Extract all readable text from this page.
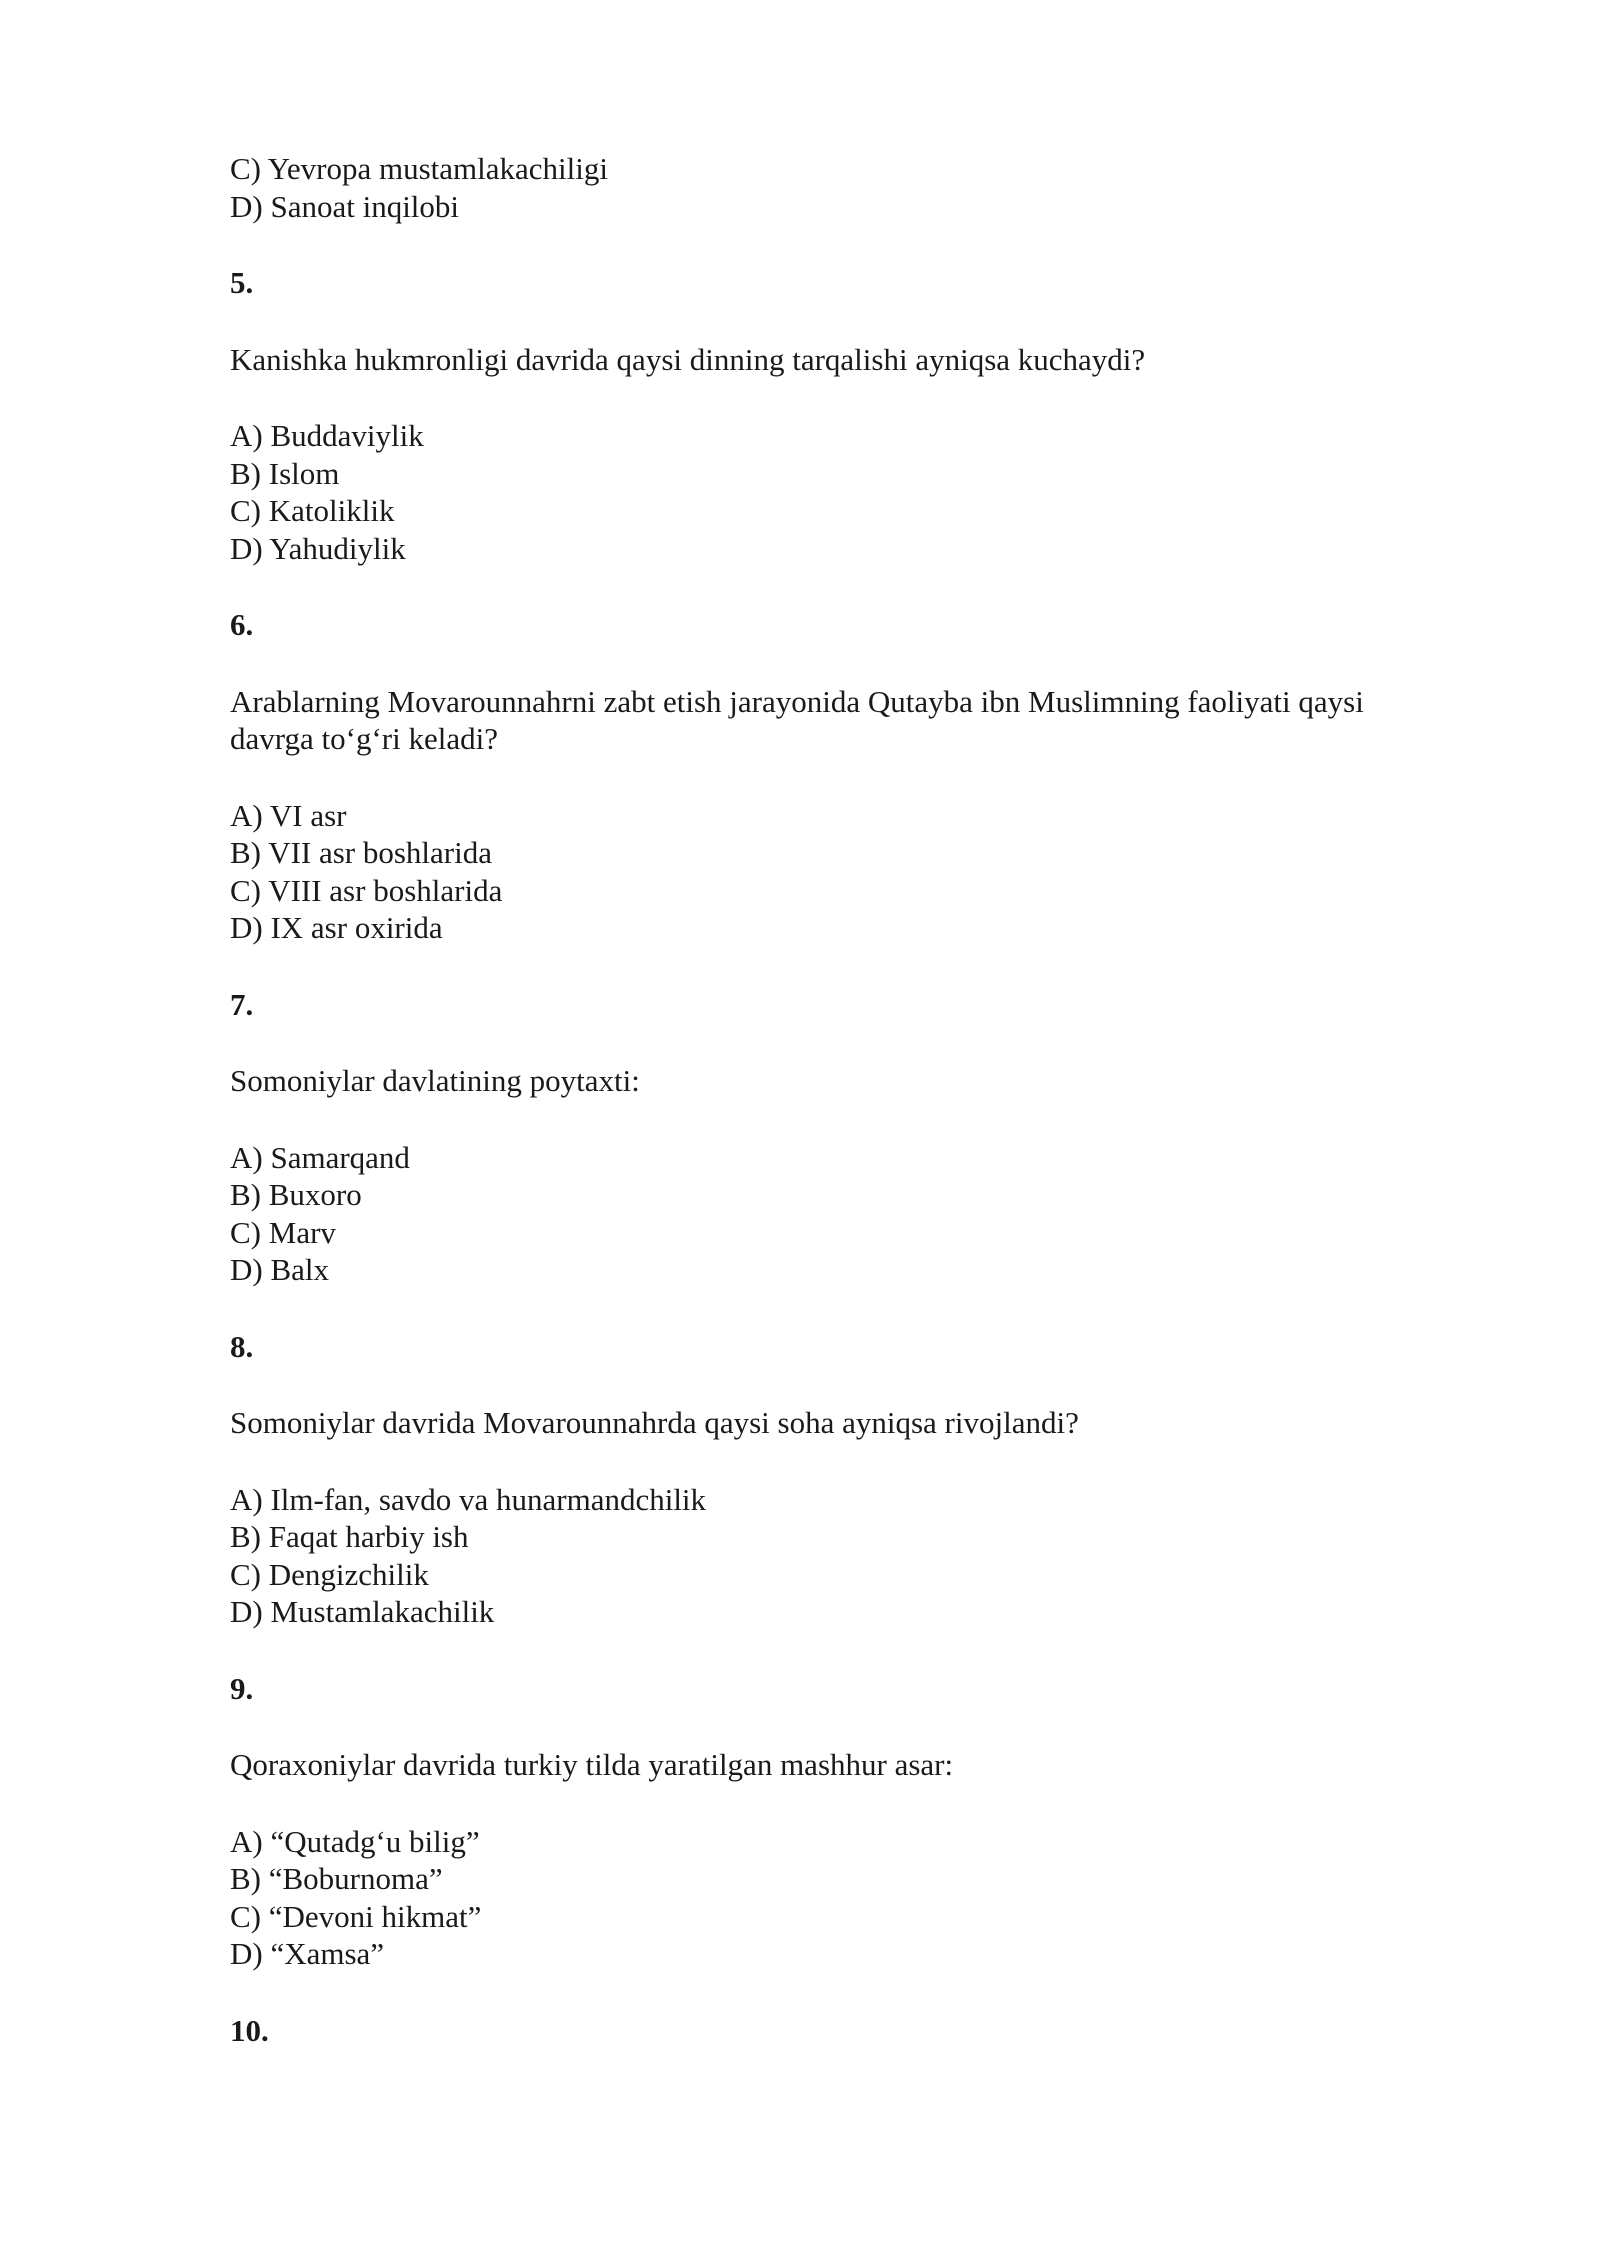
C) Yevropa mustamlakachiligi
D) Sanoat inqilobi

5.

Kanishka hukmronligi davrida qaysi dinning tarqalishi ayniqsa kuchaydi?

A) Buddaviylik
B) Islom
C) Katoliklik
D) Yahudiylik

6.

Arablarning Movarounnahrni zabt etish jarayonida Qutayba ibn Muslimning faoliyati qaysi davrga to‘g‘ri keladi?

A) VI asr
B) VII asr boshlarida
C) VIII asr boshlarida
D) IX asr oxirida

7.

Somoniylar davlatining poytaxti:

A) Samarqand
B) Buxoro
C) Marv
D) Balx

8.

Somoniylar davrida Movarounnahrda qaysi soha ayniqsa rivojlandi?

A) Ilm-fan, savdo va hunarmandchilik
B) Faqat harbiy ish
C) Dengizchilik
D) Mustamlakachilik

9.

Qoraxoniylar davrida turkiy tilda yaratilgan mashhur asar:

A) “Qutadg‘u bilig”
B) “Boburnoma”
C) “Devoni hikmat”
D) “Xamsa”

10.
